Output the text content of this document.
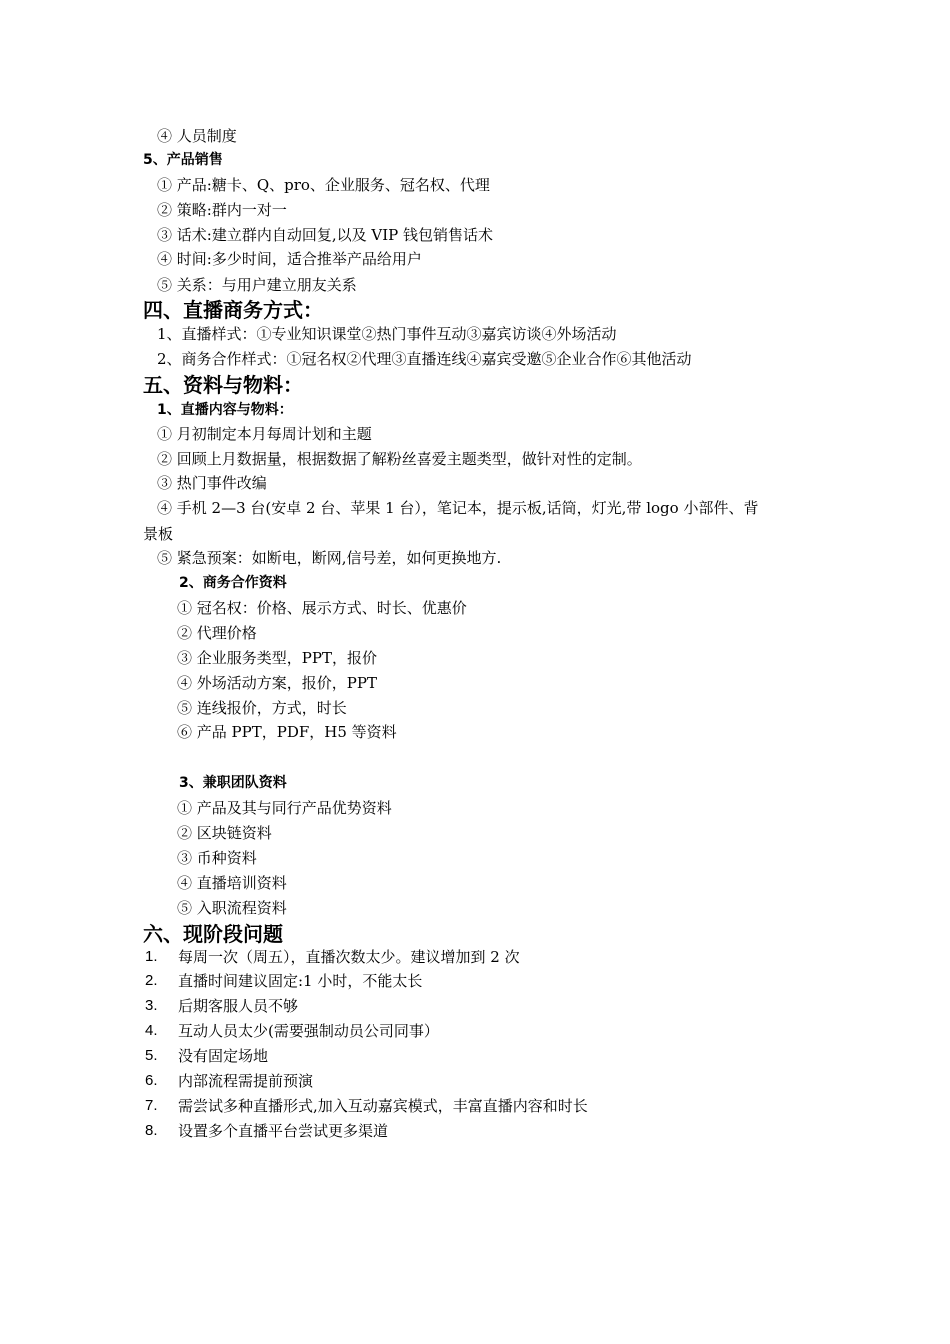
④ 人员制度
5、产品销售
① 产品:糖卡、Q、pro、企业服务、冠名权、代理
② 策略:群内一对一
③ 话术:建立群内自动回复,以及 VIP 钱包销售话术
④ 时间:多少时间，适合推举产品给用户
⑤ 关系：与用户建立朋友关系
四、直播商务方式：
1、直播样式：①专业知识课堂②热门事件互动③嘉宾访谈④外场活动
2、商务合作样式：①冠名权②代理③直播连线④嘉宾受邀⑤企业合作⑥其他活动
五、资料与物料：
1、直播内容与物料：
① 月初制定本月每周计划和主题
② 回顾上月数据量，根据数据了解粉丝喜爱主题类型，做针对性的定制。
③ 热门事件改编
④ 手机 2—3 台(安卓 2 台、苹果 1 台），笔记本，提示板,话筒，灯光,带 logo 小部件、背
景板
⑤ 紧急预案：如断电，断网,信号差，如何更换地方.
2、商务合作资料
① 冠名权：价格、展示方式、时长、优惠价
② 代理价格
③ 企业服务类型，PPT，报价
④ 外场活动方案，报价，PPT
⑤ 连线报价，方式，时长
⑥ 产品 PPT，PDF，H5 等资料
3、兼职团队资料
① 产品及其与同行产品优势资料
② 区块链资料
③ 币种资料
④ 直播培训资料
⑤ 入职流程资料
六、现阶段问题
1. 每周一次（周五），直播次数太少。建议增加到 2 次
2. 直播时间建议固定:1 小时，不能太长
3. 后期客服人员不够
4. 互动人员太少(需要强制动员公司同事）
5. 没有固定场地
6. 内部流程需提前预演
7. 需尝试多种直播形式,加入互动嘉宾模式，丰富直播内容和时长
8. 设置多个直播平台尝试更多渠道
